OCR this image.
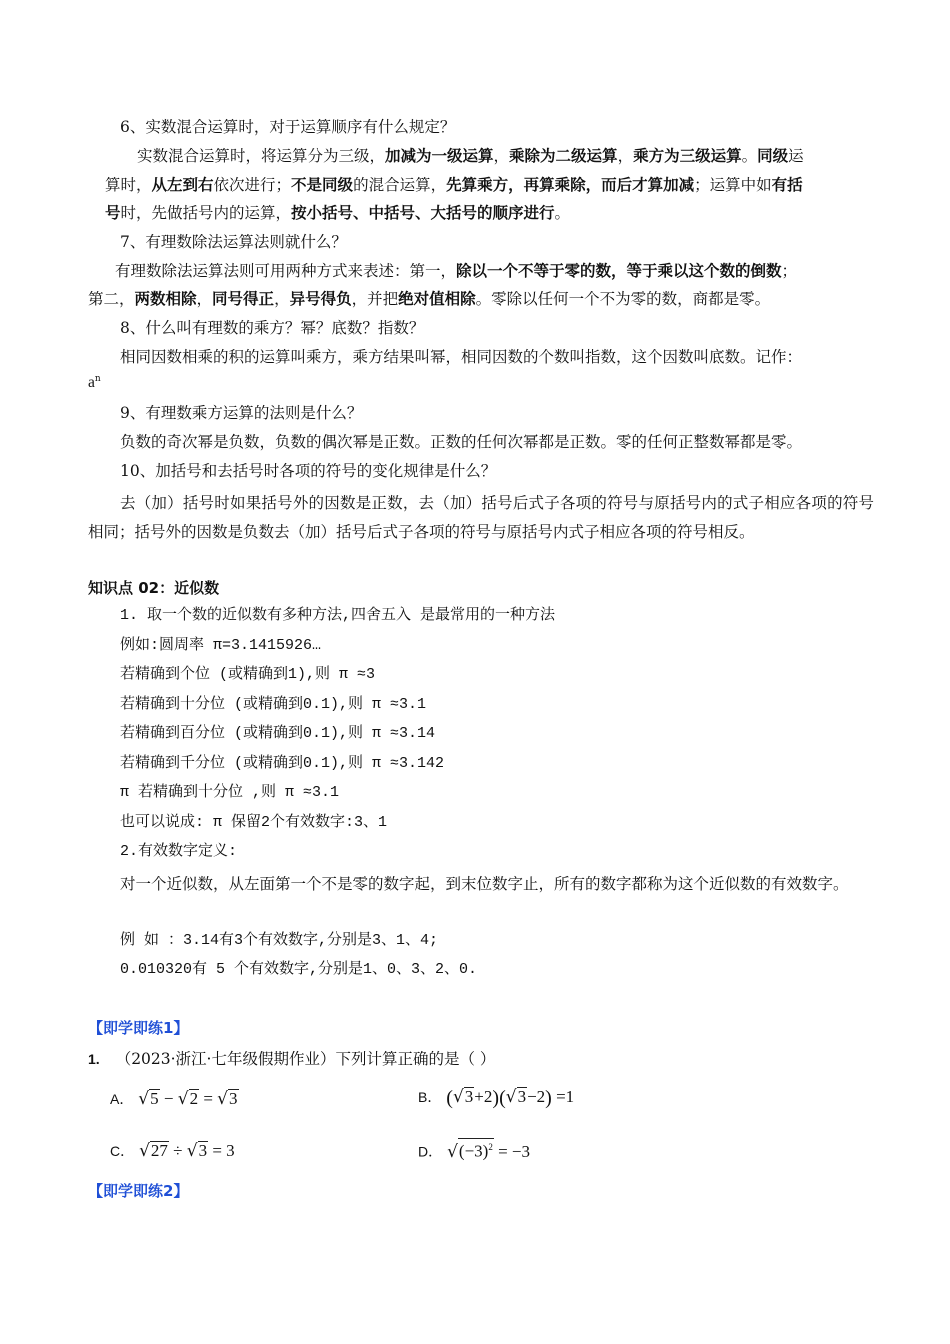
6、实数混合运算时，对于运算顺序有什么规定？
实数混合运算时，将运算分为三级，加减为一级运算，乘除为二级运算，乘方为三级运算。同级运
算时，从左到右依次进行；不是同级的混合运算，先算乘方，再算乘除，而后才算加减；运算中如有括
号时，先做括号内的运算，按小括号、中括号、大括号的顺序进行。
7、有理数除法运算法则就什么？
有理数除法运算法则可用两种方式来表述：第一，除以一个不等于零的数，等于乘以这个数的倒数；
第二，两数相除，同号得正，异号得负，并把绝对值相除。零除以任何一个不为零的数，商都是零。
8、什么叫有理数的乘方？幂？底数？指数？
相同因数相乘的积的运算叫乘方，乘方结果叫幂，相同因数的个数叫指数，这个因数叫底数。记作：
$a^n$
9、有理数乘方运算的法则是什么？
负数的奇次幂是负数，负数的偶次幂是正数。正数的任何次幂都是正数。零的任何正整数幂都是零。
10、加括号和去括号时各项的符号的变化规律是什么？
去（加）括号时如果括号外的因数是正数，去（加）括号后式子各项的符号与原括号内的式子相应各项的符号相同；括号外的因数是负数去（加）括号后式子各项的符号与原括号内式子相应各项的符号相反。
知识点 02：近似数
1. 取一个数的近似数有多种方法,四舍五入 是最常用的一种方法
例如:圆周率 π=3.1415926…
若精确到个位 (或精确到1),则 π ≈3
若精确到十分位 (或精确到0.1),则 π ≈3.1
若精确到百分位 (或精确到0.1),则 π ≈3.14
若精确到千分位 (或精确到0.1),则 π ≈3.142
π 若精确到十分位 ,则 π ≈3.1
也可以说成: π 保留2个有效数字:3、1
2.有效数字定义:
对一个近似数，从左面第一个不是零的数字起，到末位数字止，所有的数字都称为这个近似数的有效数字。
例 如 ：3.14有3个有效数字,分别是3、1、4;
0.010320有 5 个有效数字,分别是1、0、3、2、0.
【即学即练1】
1. （2023·浙江·七年级假期作业）下列计算正确的是（ ）
A． √5 − √2 = √3	B． (√3+2)(√3−2) =1
C． √27 ÷ √3 = 3	D． $√(-3)^2 = -3$
【即学即练2】
